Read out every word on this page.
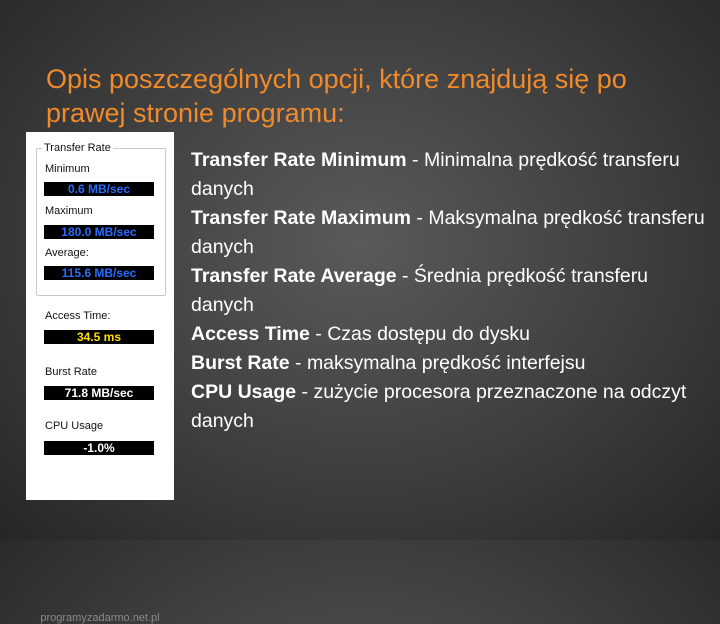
Opis poszczególnych opcji, które znajdują się po prawej stronie programu:
Transfer Rate
Minimum
0.6 MB/sec
Maximum
180.0 MB/sec
Average:
115.6 MB/sec
Access Time:
34.5 ms
Burst Rate
71.8 MB/sec
CPU Usage
-1.0%
programyzadarmo.net.pl
Transfer Rate Minimum - Minimalna prędkość transferu danych
Transfer Rate Maximum - Maksymalna prędkość transferu danych
Transfer Rate Average - Średnia prędkość transferu danych
Access Time - Czas dostępu do dysku
Burst Rate - maksymalna prędkość interfejsu
CPU Usage - zużycie procesora przeznaczone na odczyt danych
